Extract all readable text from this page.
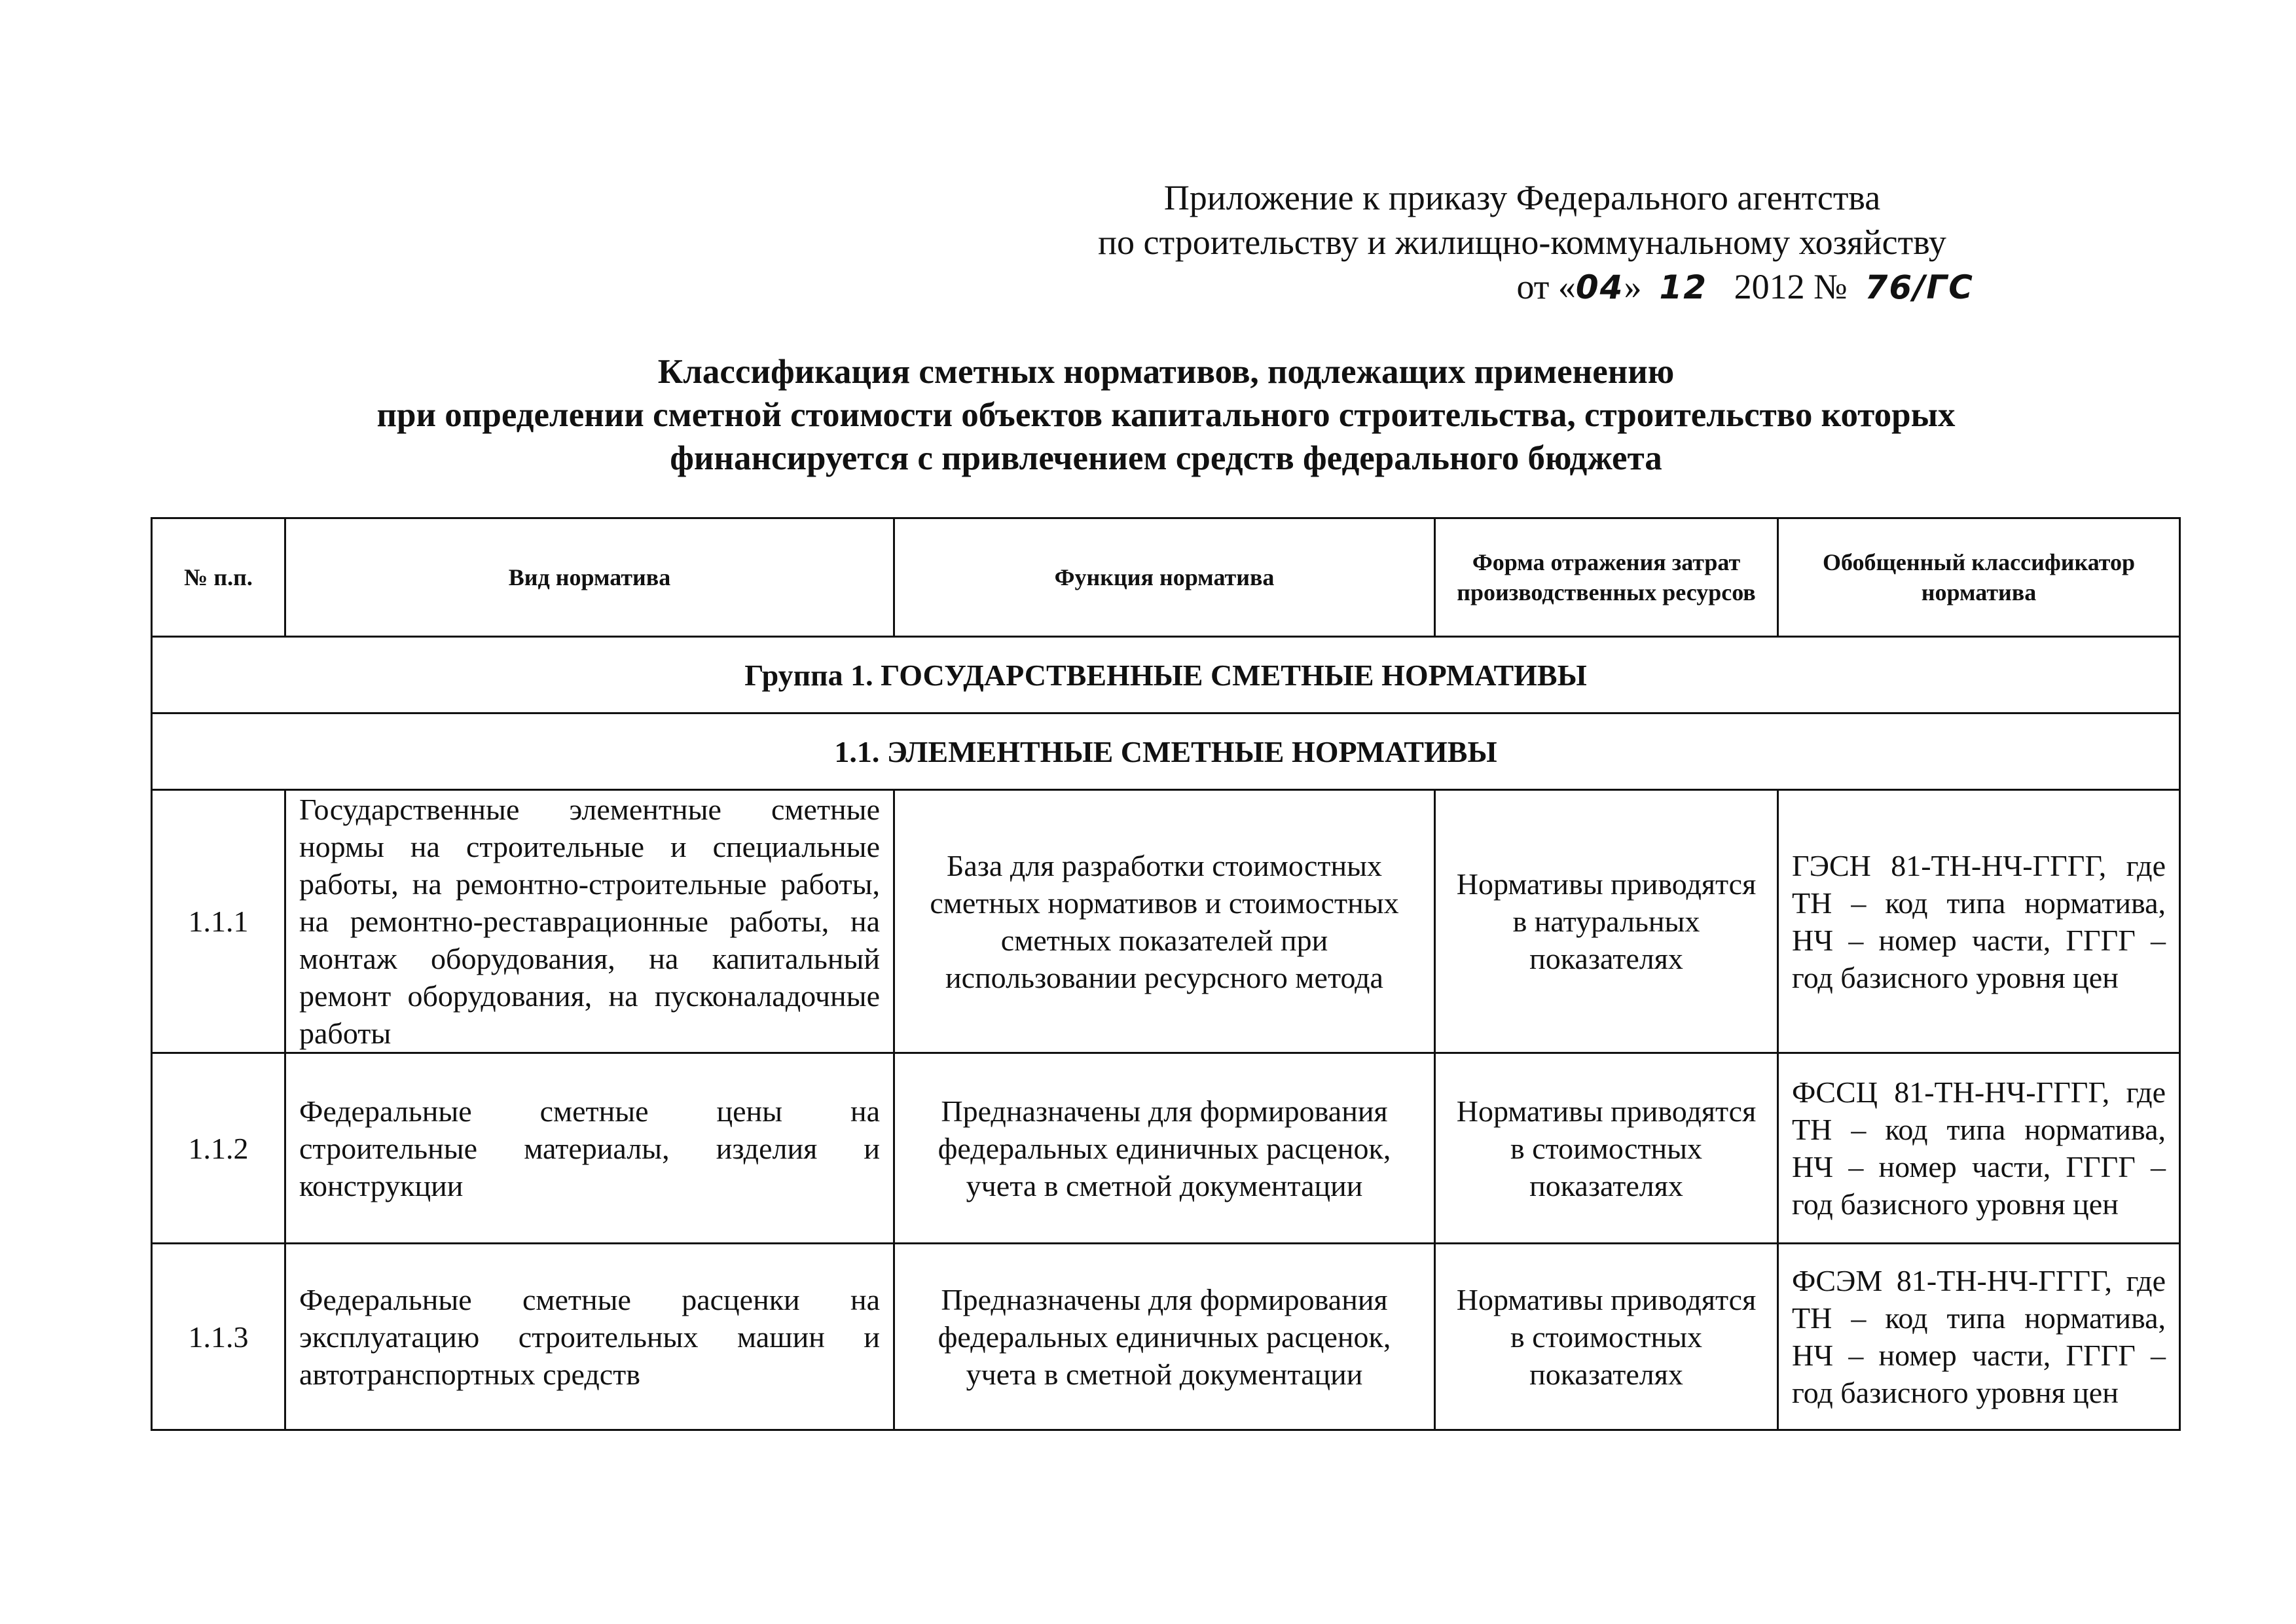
Приложение к приказу Федерального агентства
по строительству и жилищно-коммунальному хозяйству
от «04» 12 2012 № 76/ГС
Классификация сметных нормативов, подлежащих применению
при определении сметной стоимости объектов капитального строительства, строительство которых
финансируется с привлечением средств федерального бюджета
№ п.п.	Вид норматива	Функция норматива	Форма отражения затрат производственных ресурсов	Обобщенный классификатор норматива
Группа 1. ГОСУДАРСТВЕННЫЕ СМЕТНЫЕ НОРМАТИВЫ				
1.1. ЭЛЕМЕНТНЫЕ СМЕТНЫЕ НОРМАТИВЫ				
1.1.1	Государственные элементные сметные нормы на строительные и специальные работы, на ремонтно-строительные работы, на ремонтно-реставрационные работы, на монтаж оборудования, на капитальный ремонт оборудования, на пусконаладочные работы	База для разработки стоимостных сметных нормативов и стоимостных сметных показателей при использовании ресурсного метода	Нормативы приводятся в натуральных показателях	ГЭСН 81-ТН-НЧ-ГГГГ, где ТН – код типа норматива, НЧ – номер части, ГГГГ – год базисного уровня цен
1.1.2	Федеральные сметные цены на строительные материалы, изделия и конструкции	Предназначены для формирования федеральных единичных расценок, учета в сметной документации	Нормативы приводятся в стоимостных показателях	ФССЦ 81-ТН-НЧ-ГГГГ, где ТН – код типа норматива, НЧ – номер части, ГГГГ – год базисного уровня цен
1.1.3	Федеральные сметные расценки на эксплуатацию строительных машин и автотранспортных средств	Предназначены для формирования федеральных единичных расценок, учета в сметной документации	Нормативы приводятся в стоимостных показателях	ФСЭМ 81-ТН-НЧ-ГГГГ, где ТН – код типа норматива, НЧ – номер части, ГГГГ – год базисного уровня цен
